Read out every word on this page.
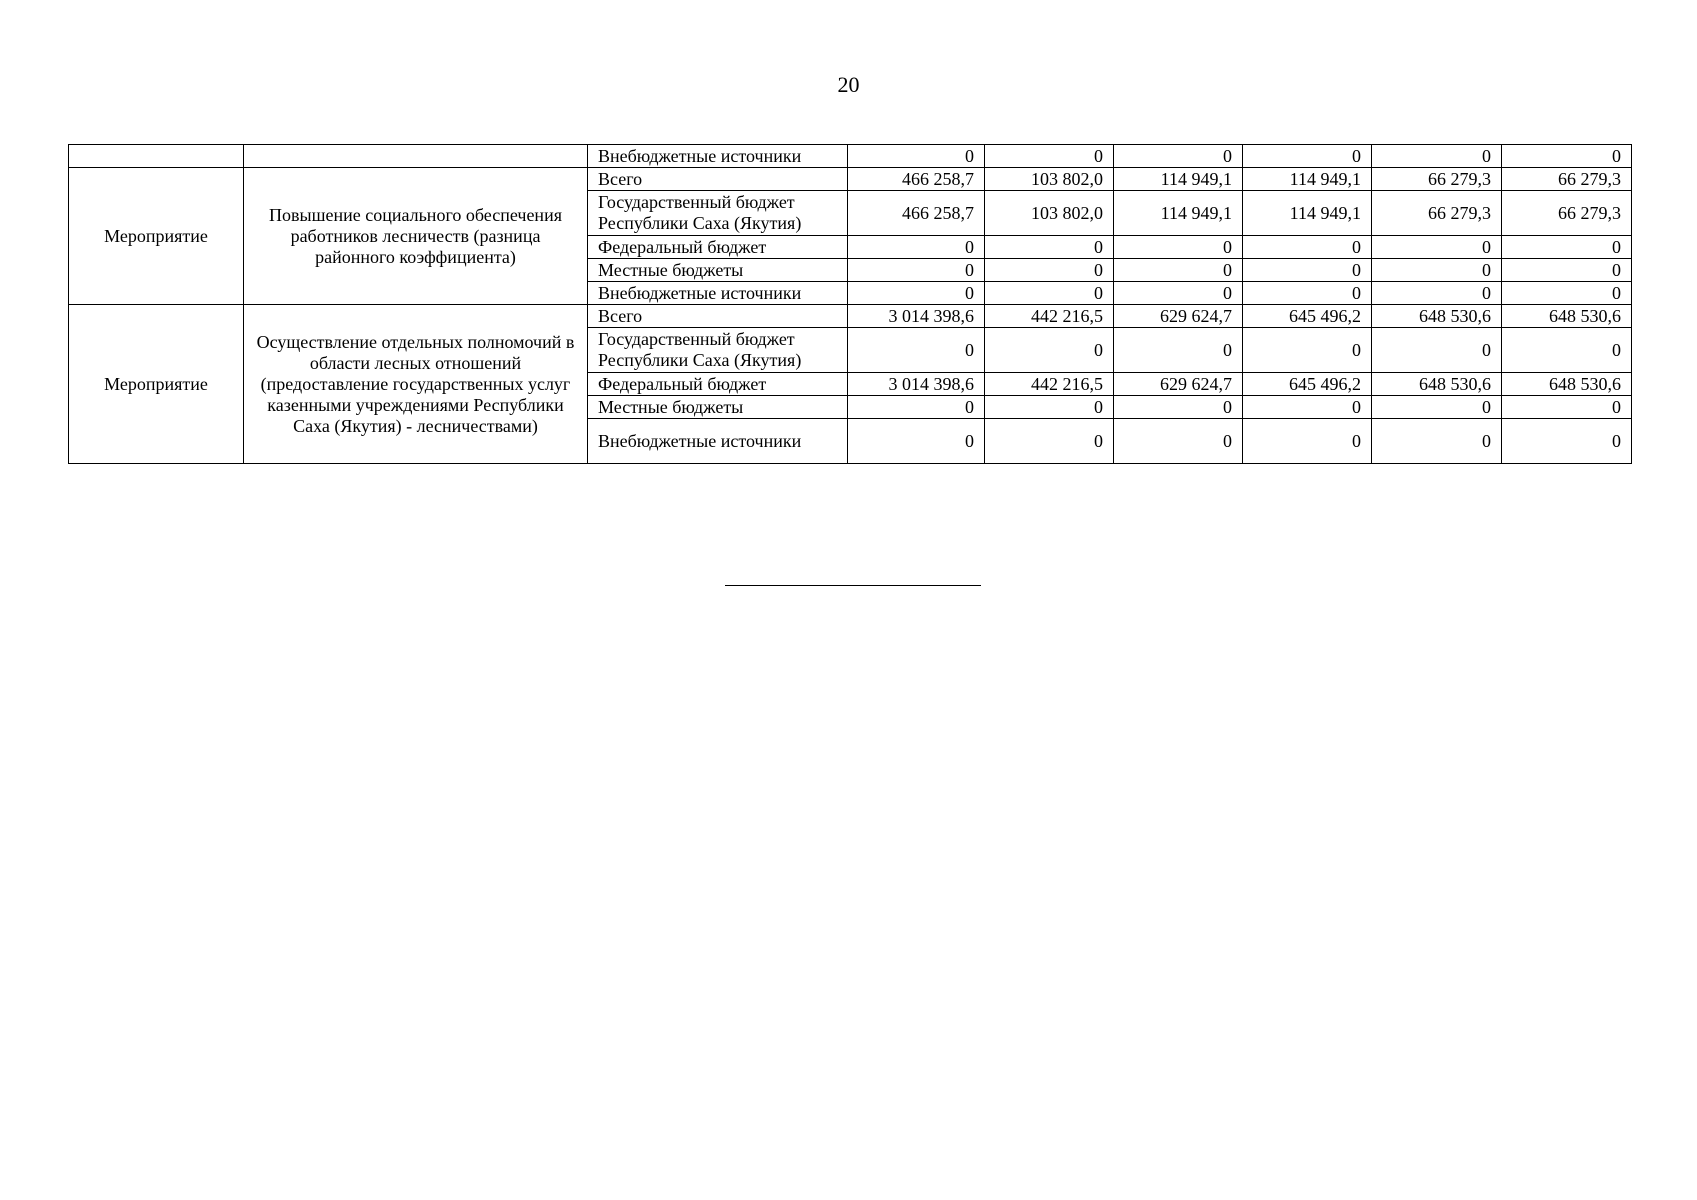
20
		Внебюджетные источники	0	0	0	0	0	0
Мероприятие	Повышение социального обеспечения работников лесничеств (разница районного коэффициента)	Всего	466 258,7	103 802,0	114 949,1	114 949,1	66 279,3	66 279,3
		Государственный бюджет Республики Саха (Якутия)	466 258,7	103 802,0	114 949,1	114 949,1	66 279,3	66 279,3
		Федеральный бюджет	0	0	0	0	0	0
		Местные бюджеты	0	0	0	0	0	0
		Внебюджетные источники	0	0	0	0	0	0
Мероприятие	Осуществление отдельных полномочий в области лесных отношений (предоставление государственных услуг казенными учреждениями Республики Саха (Якутия) - лесничествами)	Всего	3 014 398,6	442 216,5	629 624,7	645 496,2	648 530,6	648 530,6
		Государственный бюджет Республики Саха (Якутия)	0	0	0	0	0	0
		Федеральный бюджет	3 014 398,6	442 216,5	629 624,7	645 496,2	648 530,6	648 530,6
		Местные бюджеты	0	0	0	0	0	0
		Внебюджетные источники	0	0	0	0	0	0
